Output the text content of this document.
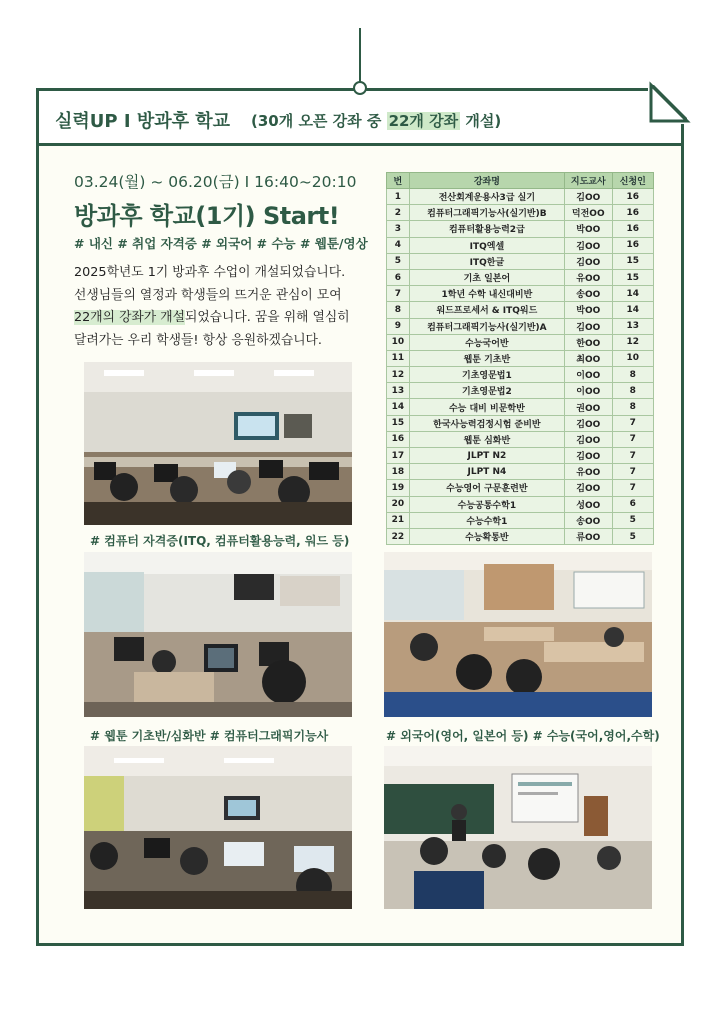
실력UP I 방과후 학교 (30개 오픈 강좌 중 22개 강좌 개설)
03.24(월) ~ 06.20(금) I 16:40~20:10
방과후 학교(1기) Start!
# 내신 # 취업 자격증 # 외국어 # 수능 # 웹툰/영상

2025학년도 1기 방과후 수업이 개설되었습니다.

선생님들의 열정과 학생들의 뜨거운 관심이 모여

22개의 강좌가 개설되었습니다. 꿈을 위해 열심히

달려가는 우리 학생들! 항상 응원하겠습니다.

번	강좌명	지도교사	신청인
1	전산회계운용사3급 실기	김OO	16
2	컴퓨터그래픽기능사(실기반)B	덕전OO	16
3	컴퓨터활용능력2급	박OO	16
4	ITQ엑셀	김OO	16
5	ITQ한글	김OO	15
6	기초 일본어	유OO	15
7	1학년 수학 내신대비반	송OO	14
8	워드프로세서 & ITQ워드	박OO	14
9	컴퓨터그래픽기능사(실기반)A	김OO	13
10	수능국어반	한OO	12
11	웹툰 기초반	최OO	10
12	기초영문법1	이OO	8
13	기초영문법2	이OO	8
14	수능 대비 비문학반	권OO	8
15	한국사능력검정시험 준비반	김OO	7
16	웹툰 심화반	김OO	7
17	JLPT N2	김OO	7
18	JLPT N4	유OO	7
19	수능영어 구문훈련반	김OO	7
20	수능공통수학1	성OO	6
21	수능수학1	송OO	5
22	수능확통반	류OO	5
# 컴퓨터 자격증(ITQ, 컴퓨터활용능력, 워드 등)
# 웹툰 기초반/심화반 # 컴퓨터그래픽기능사	# 외국어(영어, 일본어 등) # 수능(국어,영어,수학)
